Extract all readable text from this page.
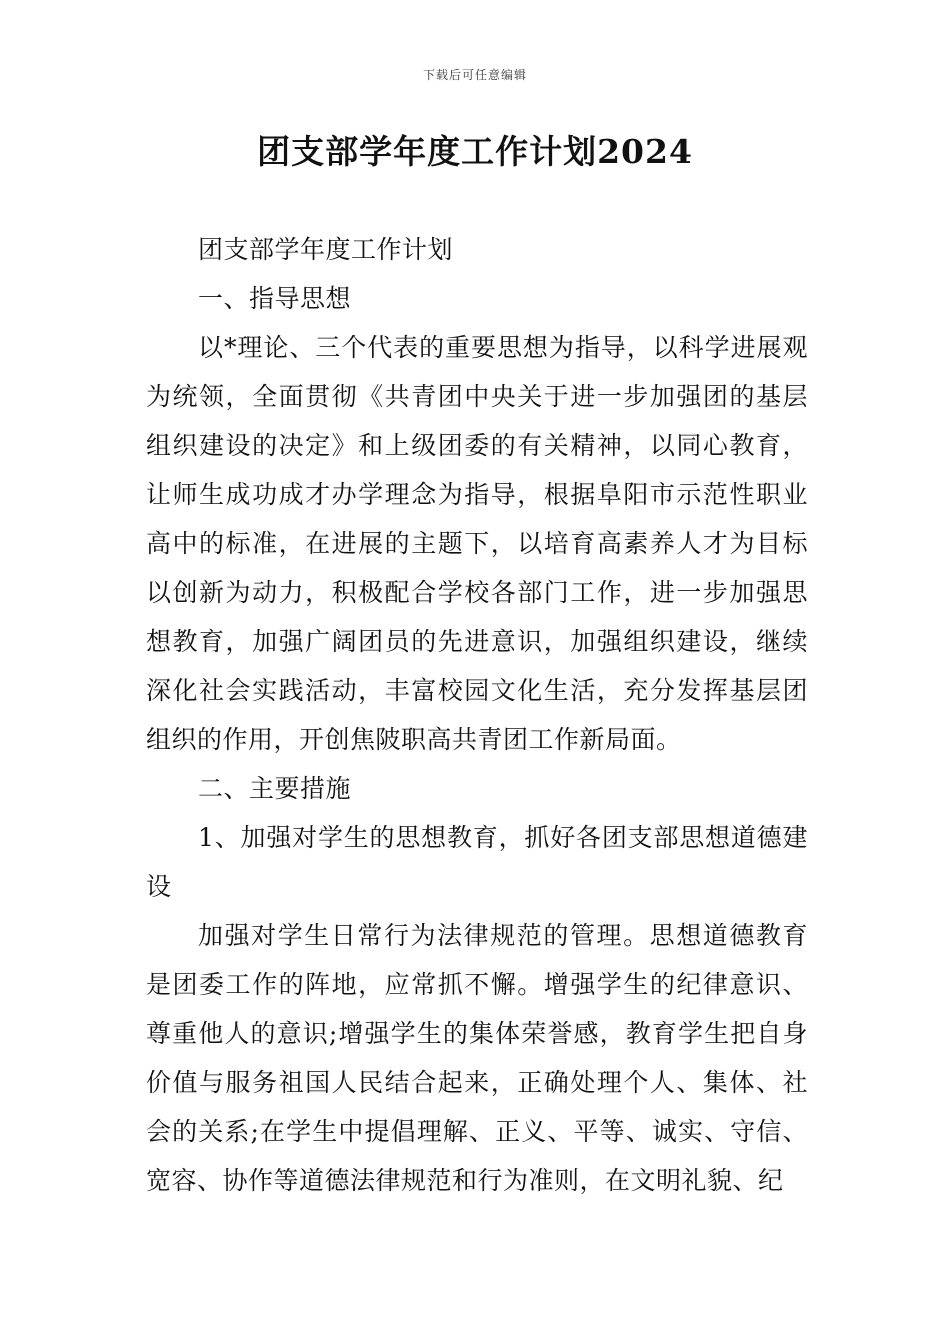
下载后可任意编辑
团支部学年度工作计划2024

团支部学年度工作计划

一、指导思想

以*理论、三个代表的重要思想为指导，以科学进展观为统领，全面贯彻《共青团中央关于进一步加强团的基层组织建设的决定》和上级团委的有关精神，以同心教育，让师生成功成才办学理念为指导，根据阜阳市示范性职业高中的标准，在进展的主题下，以培育高素养人才为目标以创新为动力，积极配合学校各部门工作，进一步加强思想教育，加强广阔团员的先进意识，加强组织建设，继续深化社会实践活动，丰富校园文化生活，充分发挥基层团组织的作用，开创焦陂职高共青团工作新局面。

二、主要措施

1、加强对学生的思想教育，抓好各团支部思想道德建设

加强对学生日常行为法律规范的管理。思想道德教育是团委工作的阵地，应常抓不懈。增强学生的纪律意识、尊重他人的意识;增强学生的集体荣誉感，教育学生把自身价值与服务祖国人民结合起来，正确处理个人、集体、社会的关系;在学生中提倡理解、正义、平等、诚实、守信、宽容、协作等道德法律规范和行为准则，在文明礼貌、纪
